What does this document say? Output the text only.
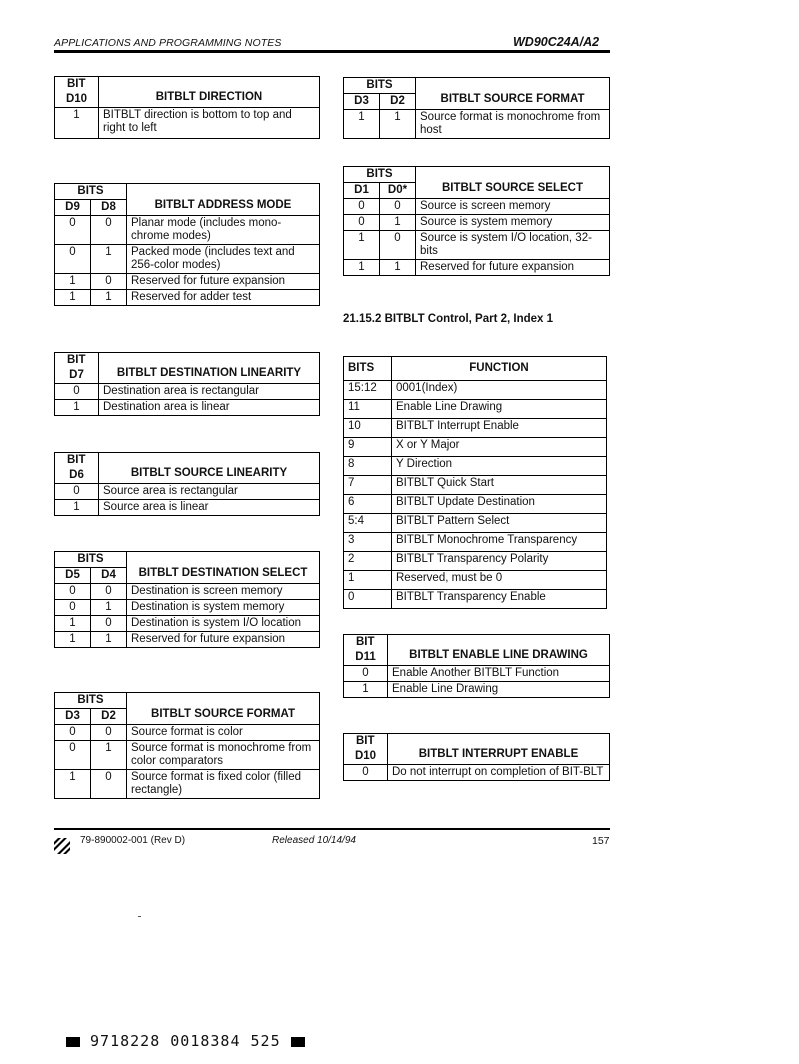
APPLICATIONS AND PROGRAMMING NOTES	WD90C24A/A2
BIT	BITBLT DIRECTION
D10	
1	BITBLT direction is bottom to top and right to left
BITS		BITBLT ADDRESS MODE
D9	D8	
0	0	Planar mode (includes mono-chrome modes)
0	1	Packed mode (includes text and 256-color modes)
1	0	Reserved for future expansion
1	1	Reserved for adder test
BIT	BITBLT DESTINATION LINEARITY
D7	
0	Destination area is rectangular
1	Destination area is linear
BIT	BITBLT SOURCE LINEARITY
D6	
0	Source area is rectangular
1	Source area is linear
BITS		BITBLT DESTINATION SELECT
D5	D4	
0	0	Destination is screen memory
0	1	Destination is system memory
1	0	Destination is system I/O location
1	1	Reserved for future expansion
BITS		BITBLT SOURCE FORMAT
D3	D2	
0	0	Source format is color
0	1	Source format is monochrome from color comparators
1	0	Source format is fixed color (filled rectangle)
BITS		BITBLT SOURCE FORMAT
D3	D2	
1	1	Source format is monochrome from host
BITS		BITBLT SOURCE SELECT
D1	D0*	
0	0	Source is screen memory
0	1	Source is system memory
1	0	Source is system I/O location, 32-bits
1	1	Reserved for future expansion
21.15.2 BITBLT Control, Part 2, Index 1
BITS	FUNCTION
15:12	0001(Index)
11	Enable Line Drawing
10	BITBLT Interrupt Enable
9	X or Y Major
8	Y Direction
7	BITBLT Quick Start
6	BITBLT Update Destination
5:4	BITBLT Pattern Select
3	BITBLT Monochrome Transparency
2	BITBLT Transparency Polarity
1	Reserved, must be 0
0	BITBLT Transparency Enable
BIT	BITBLT ENABLE LINE DRAWING
D11	
0	Enable Another BITBLT Function
1	Enable Line Drawing
BIT	BITBLT INTERRUPT ENABLE
D10	
0	Do not interrupt on completion of BIT-BLT
79-890002-001 (Rev D)	Released 10/14/94	157
9718228 0018384 525
